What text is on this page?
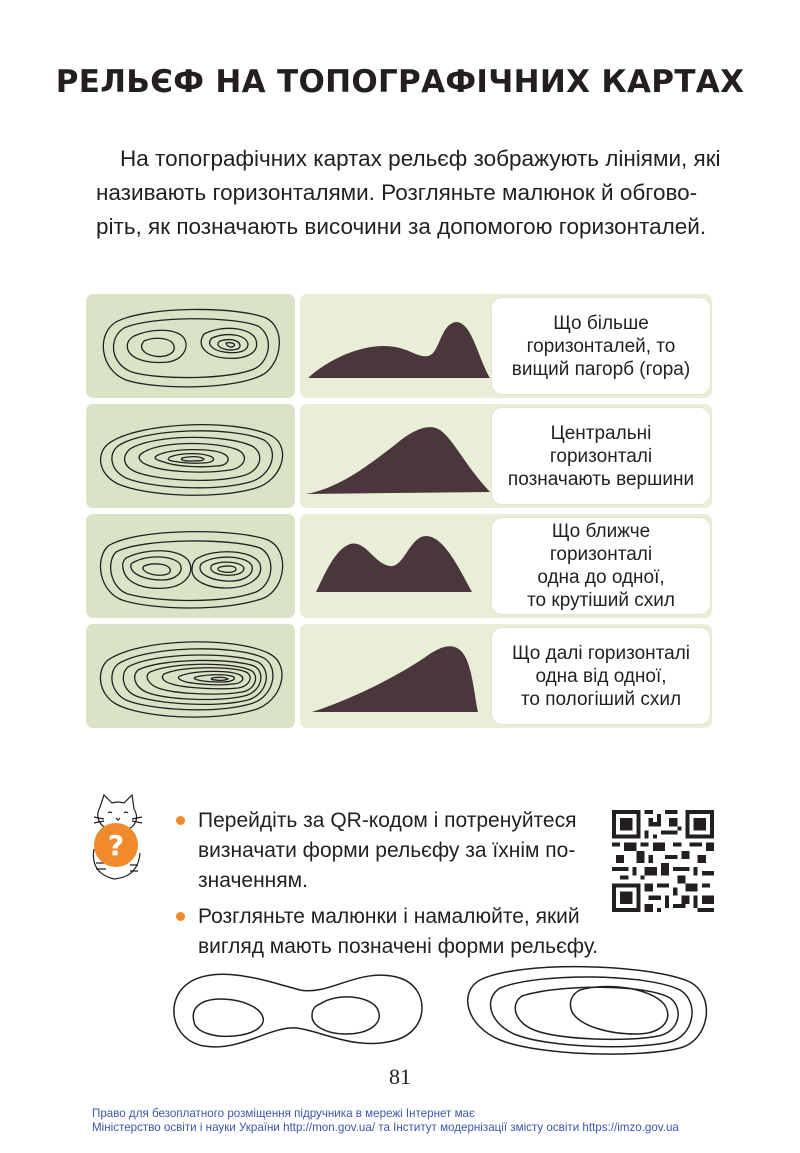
РЕЛЬЄФ НА ТОПОГРАФІЧНИХ КАРТАХ

На топографічних картах рельєф зображують лініями, які
називають горизонталями. Розгляньте малюнок й обгово-
ріть, як позначають височини за допомогою горизонталей.

Що більше
горизонталей, то
вищий пагорб (гора)
Центральні
горизонталі
позначають вершини
Що ближче
горизонталі
одна до одної,
то крутіший схил
Що далі горизонталі
одна від одної,
то пологіший схил
?
Перейдіть за QR-кодом і потренуйтеся
визначати форми рельєфу за їхнім по-
значенням.
Розгляньте малюнки і намалюйте, який
вигляд мають позначені форми рельєфу.
81
Право для безоплатного розміщення підручника в мережі Інтернет має
Міністерство освіти і науки України http://mon.gov.ua/ та Інститут модернізації змісту освіти https://imzo.gov.ua
